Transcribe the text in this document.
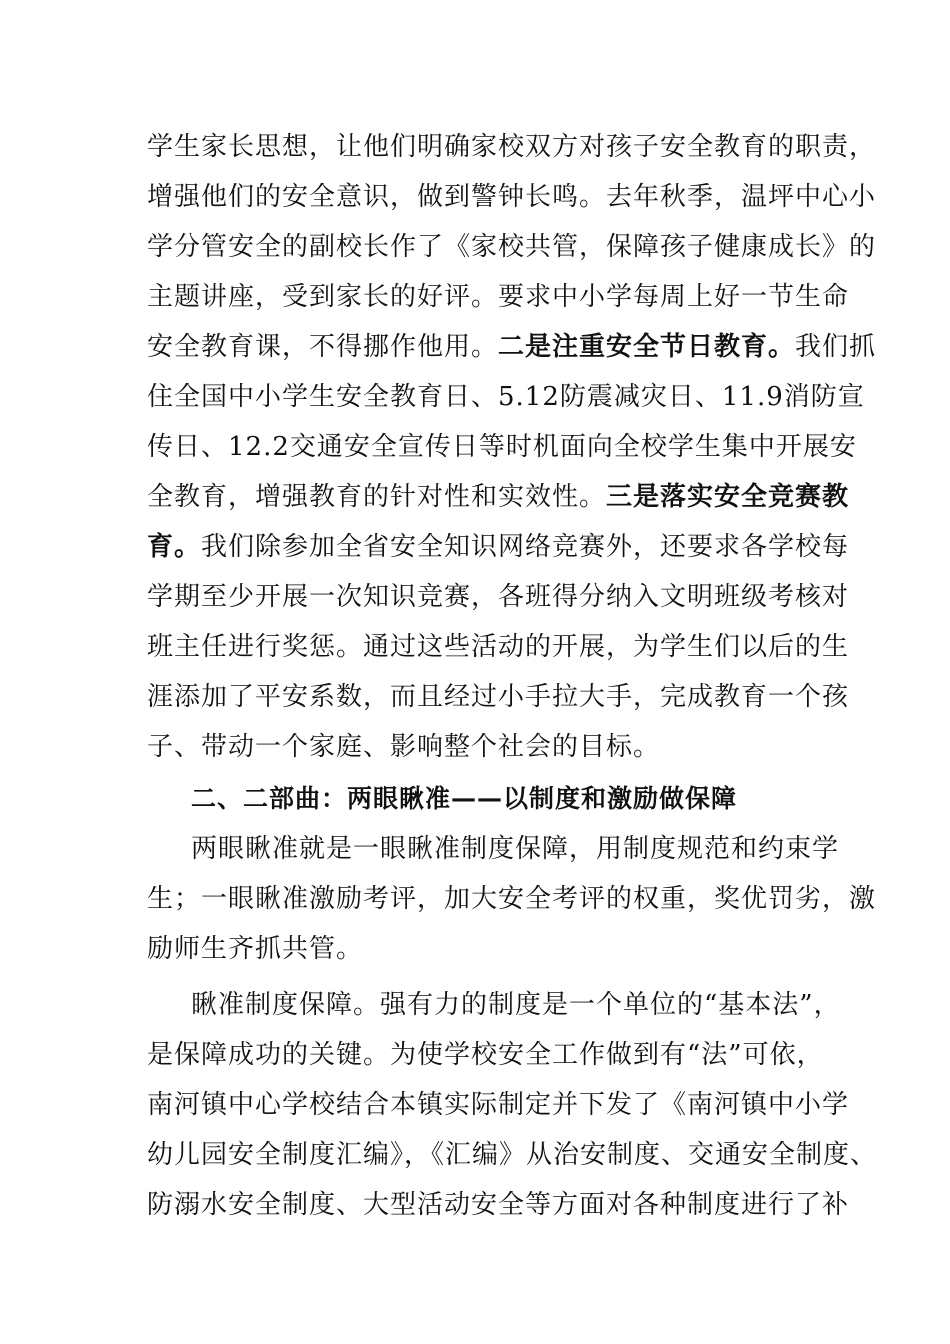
学生家长思想，让他们明确家校双方对孩子安全教育的职责，
增强他们的安全意识，做到警钟长鸣。去年秋季，温坪中心小
学分管安全的副校长作了《家校共管，保障孩子健康成长》的
主题讲座，受到家长的好评。要求中小学每周上好一节生命
安全教育课，不得挪作他用。二是注重安全节日教育。我们抓
住全国中小学生安全教育日、5.12防震减灾日、11.9消防宣
传日、12.2交通安全宣传日等时机面向全校学生集中开展安
全教育，增强教育的针对性和实效性。三是落实安全竞赛教
育。我们除参加全省安全知识网络竞赛外，还要求各学校每
学期至少开展一次知识竞赛，各班得分纳入文明班级考核对
班主任进行奖惩。通过这些活动的开展，为学生们以后的生
涯添加了平安系数，而且经过小手拉大手，完成教育一个孩
子、带动一个家庭、影响整个社会的目标。
二、二部曲：两眼瞅准——以制度和激励做保障
两眼瞅准就是一眼瞅准制度保障，用制度规范和约束学
生；一眼瞅准激励考评，加大安全考评的权重，奖优罚劣，激
励师生齐抓共管。
瞅准制度保障。强有力的制度是一个单位的“基本法”，
是保障成功的关键。为使学校安全工作做到有“法”可依，
南河镇中心学校结合本镇实际制定并下发了《南河镇中小学
幼儿园安全制度汇编》，《汇编》从治安制度、交通安全制度、
防溺水安全制度、大型活动安全等方面对各种制度进行了补
